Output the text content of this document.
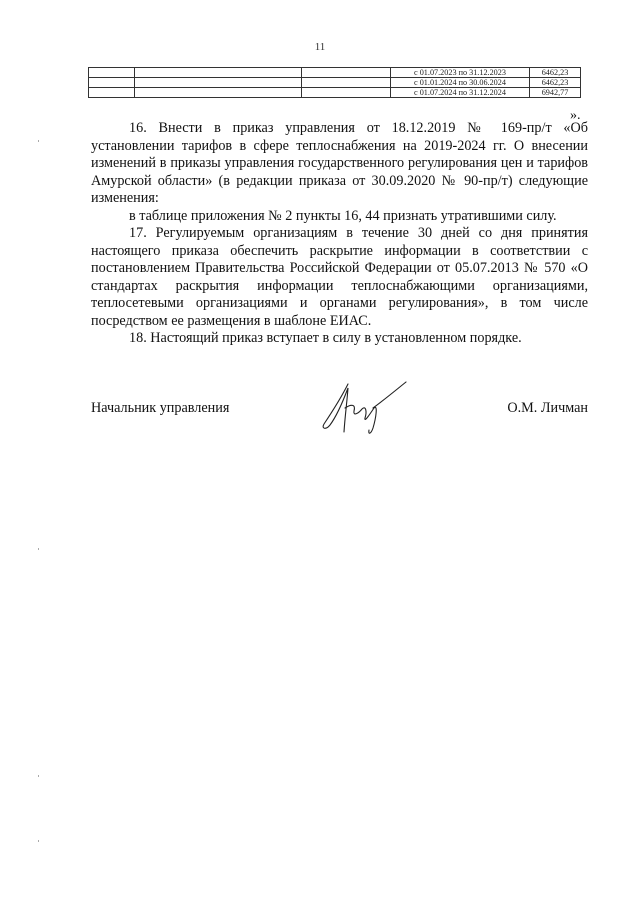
11
			с 01.07.2023 по 31.12.2023	6462,23
			с 01.01.2024 по 30.06.2024	6462,23
			с 01.07.2024 по 31.12.2024	6942,77
».

16. Внести в приказ управления от 18.12.2019 № 169-пр/т «Об установлении тарифов в сфере теплоснабжения на 2019-2024 гг. О внесении изменений в приказы управления государственного регулирования цен и тарифов Амурской области» (в редакции приказа от 30.09.2020 № 90-пр/т) следующие изменения:

в таблице приложения № 2 пункты 16, 44 признать утратившими силу.

17. Регулируемым организациям в течение 30 дней со дня принятия настоящего приказа обеспечить раскрытие информации в соответствии с постановлением Правительства Российской Федерации от 05.07.2013 № 570 «О стандартах раскрытия информации теплоснабжающими организациями, теплосетевыми организациями и органами регулирования», в том числе посредством ее размещения в шаблоне ЕИАС.

18. Настоящий приказ вступает в силу в установленном порядке.

Начальник управления	О.М. Личман
